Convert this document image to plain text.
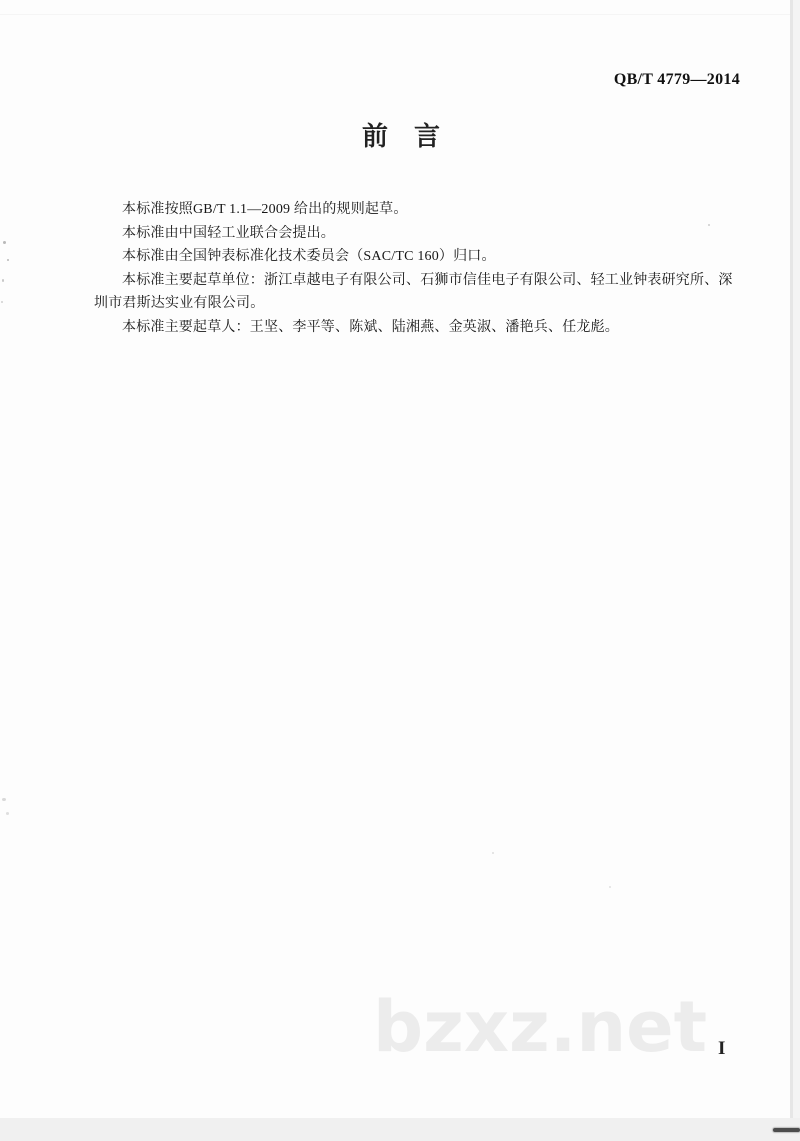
QB/T 4779—2014
前　言
本标准按照GB/T 1.1—2009 给出的规则起草。
本标准由中国轻工业联合会提出。
本标准由全国钟表标准化技术委员会（SAC/TC 160）归口。
本标准主要起草单位：浙江卓越电子有限公司、石狮市信佳电子有限公司、轻工业钟表研究所、深
圳市君斯达实业有限公司。
本标准主要起草人：王坚、李平等、陈斌、陆湘燕、金英淑、潘艳兵、任龙彪。
bzxz.net I
